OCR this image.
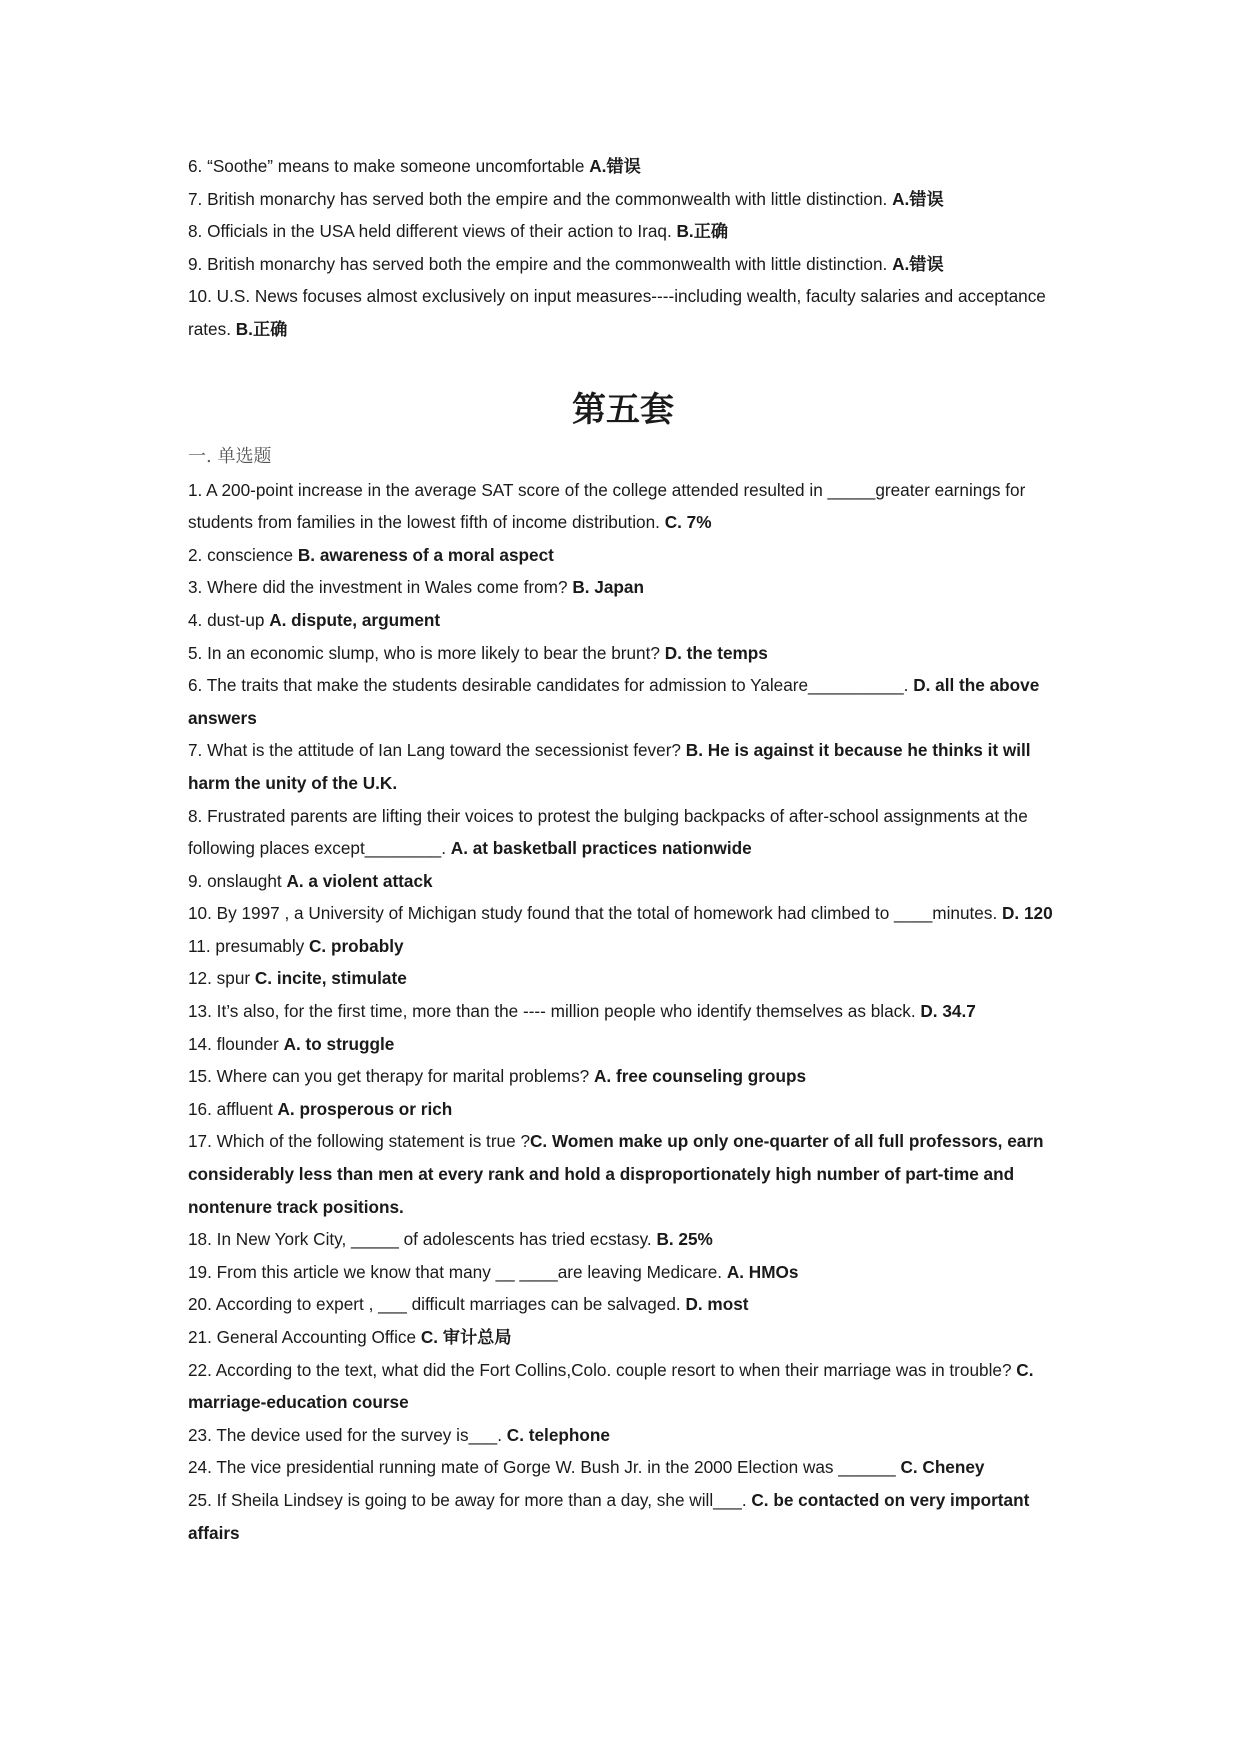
6. “Soothe” means to make someone uncomfortable A.错误

7. British monarchy has served both the empire and the commonwealth with little distinction. A.错误

8. Officials in the USA held different views of their action to Iraq. B.正确

9. British monarchy has served both the empire and the commonwealth with little distinction. A.错误

10. U.S. News focuses almost exclusively on input measures----including wealth, faculty salaries and acceptance rates. B.正确

第五套
一. 单选题

1. A 200-point increase in the average SAT score of the college attended resulted in _____greater earnings for students from families in the lowest fifth of income distribution. C. 7%

2. conscience B. awareness of a moral aspect

3. Where did the investment in Wales come from? B. Japan

4. dust-up A. dispute, argument

5. In an economic slump, who is more likely to bear the brunt? D. the temps

6. The traits that make the students desirable candidates for admission to Yaleare__________. D. all the above answers

7. What is the attitude of Ian Lang toward the secessionist fever? B. He is against it because he thinks it will harm the unity of the U.K.

8. Frustrated parents are lifting their voices to protest the bulging backpacks of after-school assignments at the following places except________. A. at basketball practices nationwide

9. onslaught A. a violent attack

10. By 1997 , a University of Michigan study found that the total of homework had climbed to ____minutes. D. 120

11. presumably C. probably

12. spur C. incite, stimulate

13. It’s also, for the first time, more than the ---- million people who identify themselves as black. D. 34.7

14. flounder A. to struggle

15. Where can you get therapy for marital problems? A. free counseling groups

16. affluent A. prosperous or rich

17. Which of the following statement is true ?C. Women make up only one-quarter of all full professors, earn considerably less than men at every rank and hold a disproportionately high number of part-time and nontenure track positions.

18. In New York City, _____ of adolescents has tried ecstasy. B. 25%

19. From this article we know that many __ ____are leaving Medicare. A. HMOs

20. According to expert , ___ difficult marriages can be salvaged. D. most

21. General Accounting Office C. 审计总局

22. According to the text, what did the Fort Collins,Colo. couple resort to when their marriage was in trouble? C. marriage-education course

23. The device used for the survey is___. C. telephone

24. The vice presidential running mate of Gorge W. Bush Jr. in the 2000 Election was ______ C. Cheney

25. If Sheila Lindsey is going to be away for more than a day, she will___. C. be contacted on very important affairs
